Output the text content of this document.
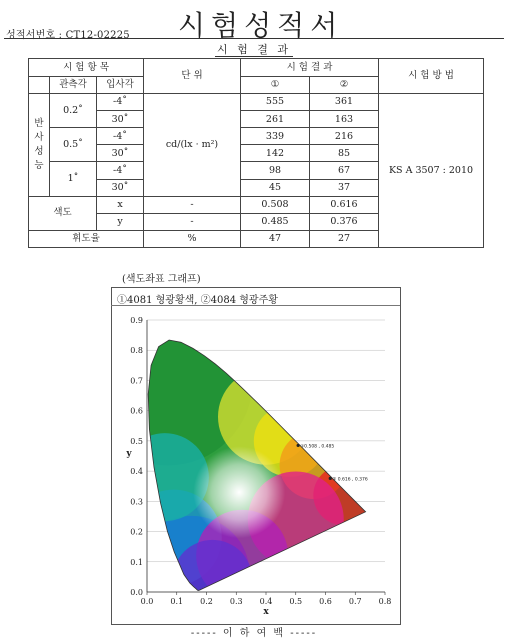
성적서번호 : CT12-02225 시험성적서
시 험 결 과
시 험 항 목			단 위	시 험 결 과		시 험 방 법
	관측각	입사각		①	②	
반
사
성
능	0.2˚	-4˚	cd/(lx · m²)	555	361	KS A 3507 : 2010
		30˚		261	163	
	0.5˚	-4˚		339	216	
		30˚		142	85	
	1˚	-4˚		98	67	
		30˚		45	37	
색도		x	-	0.508	0.616	
		y	-	0.485	0.376	
휘도율			%	47	27	
(색도좌표 그래프)
①4081 형광황색, ②4084 형광주황
0.0
0.1
0.2
0.3
0.4
0.5
0.6
0.7
0.8
0.9
0.0 0.1 0.2 0.3 0.4 0.5 0.6 0.7 0.8
x
y
①0.508 , 0.485
② 0.616 , 0.376
----- 이 하 여 백 -----
